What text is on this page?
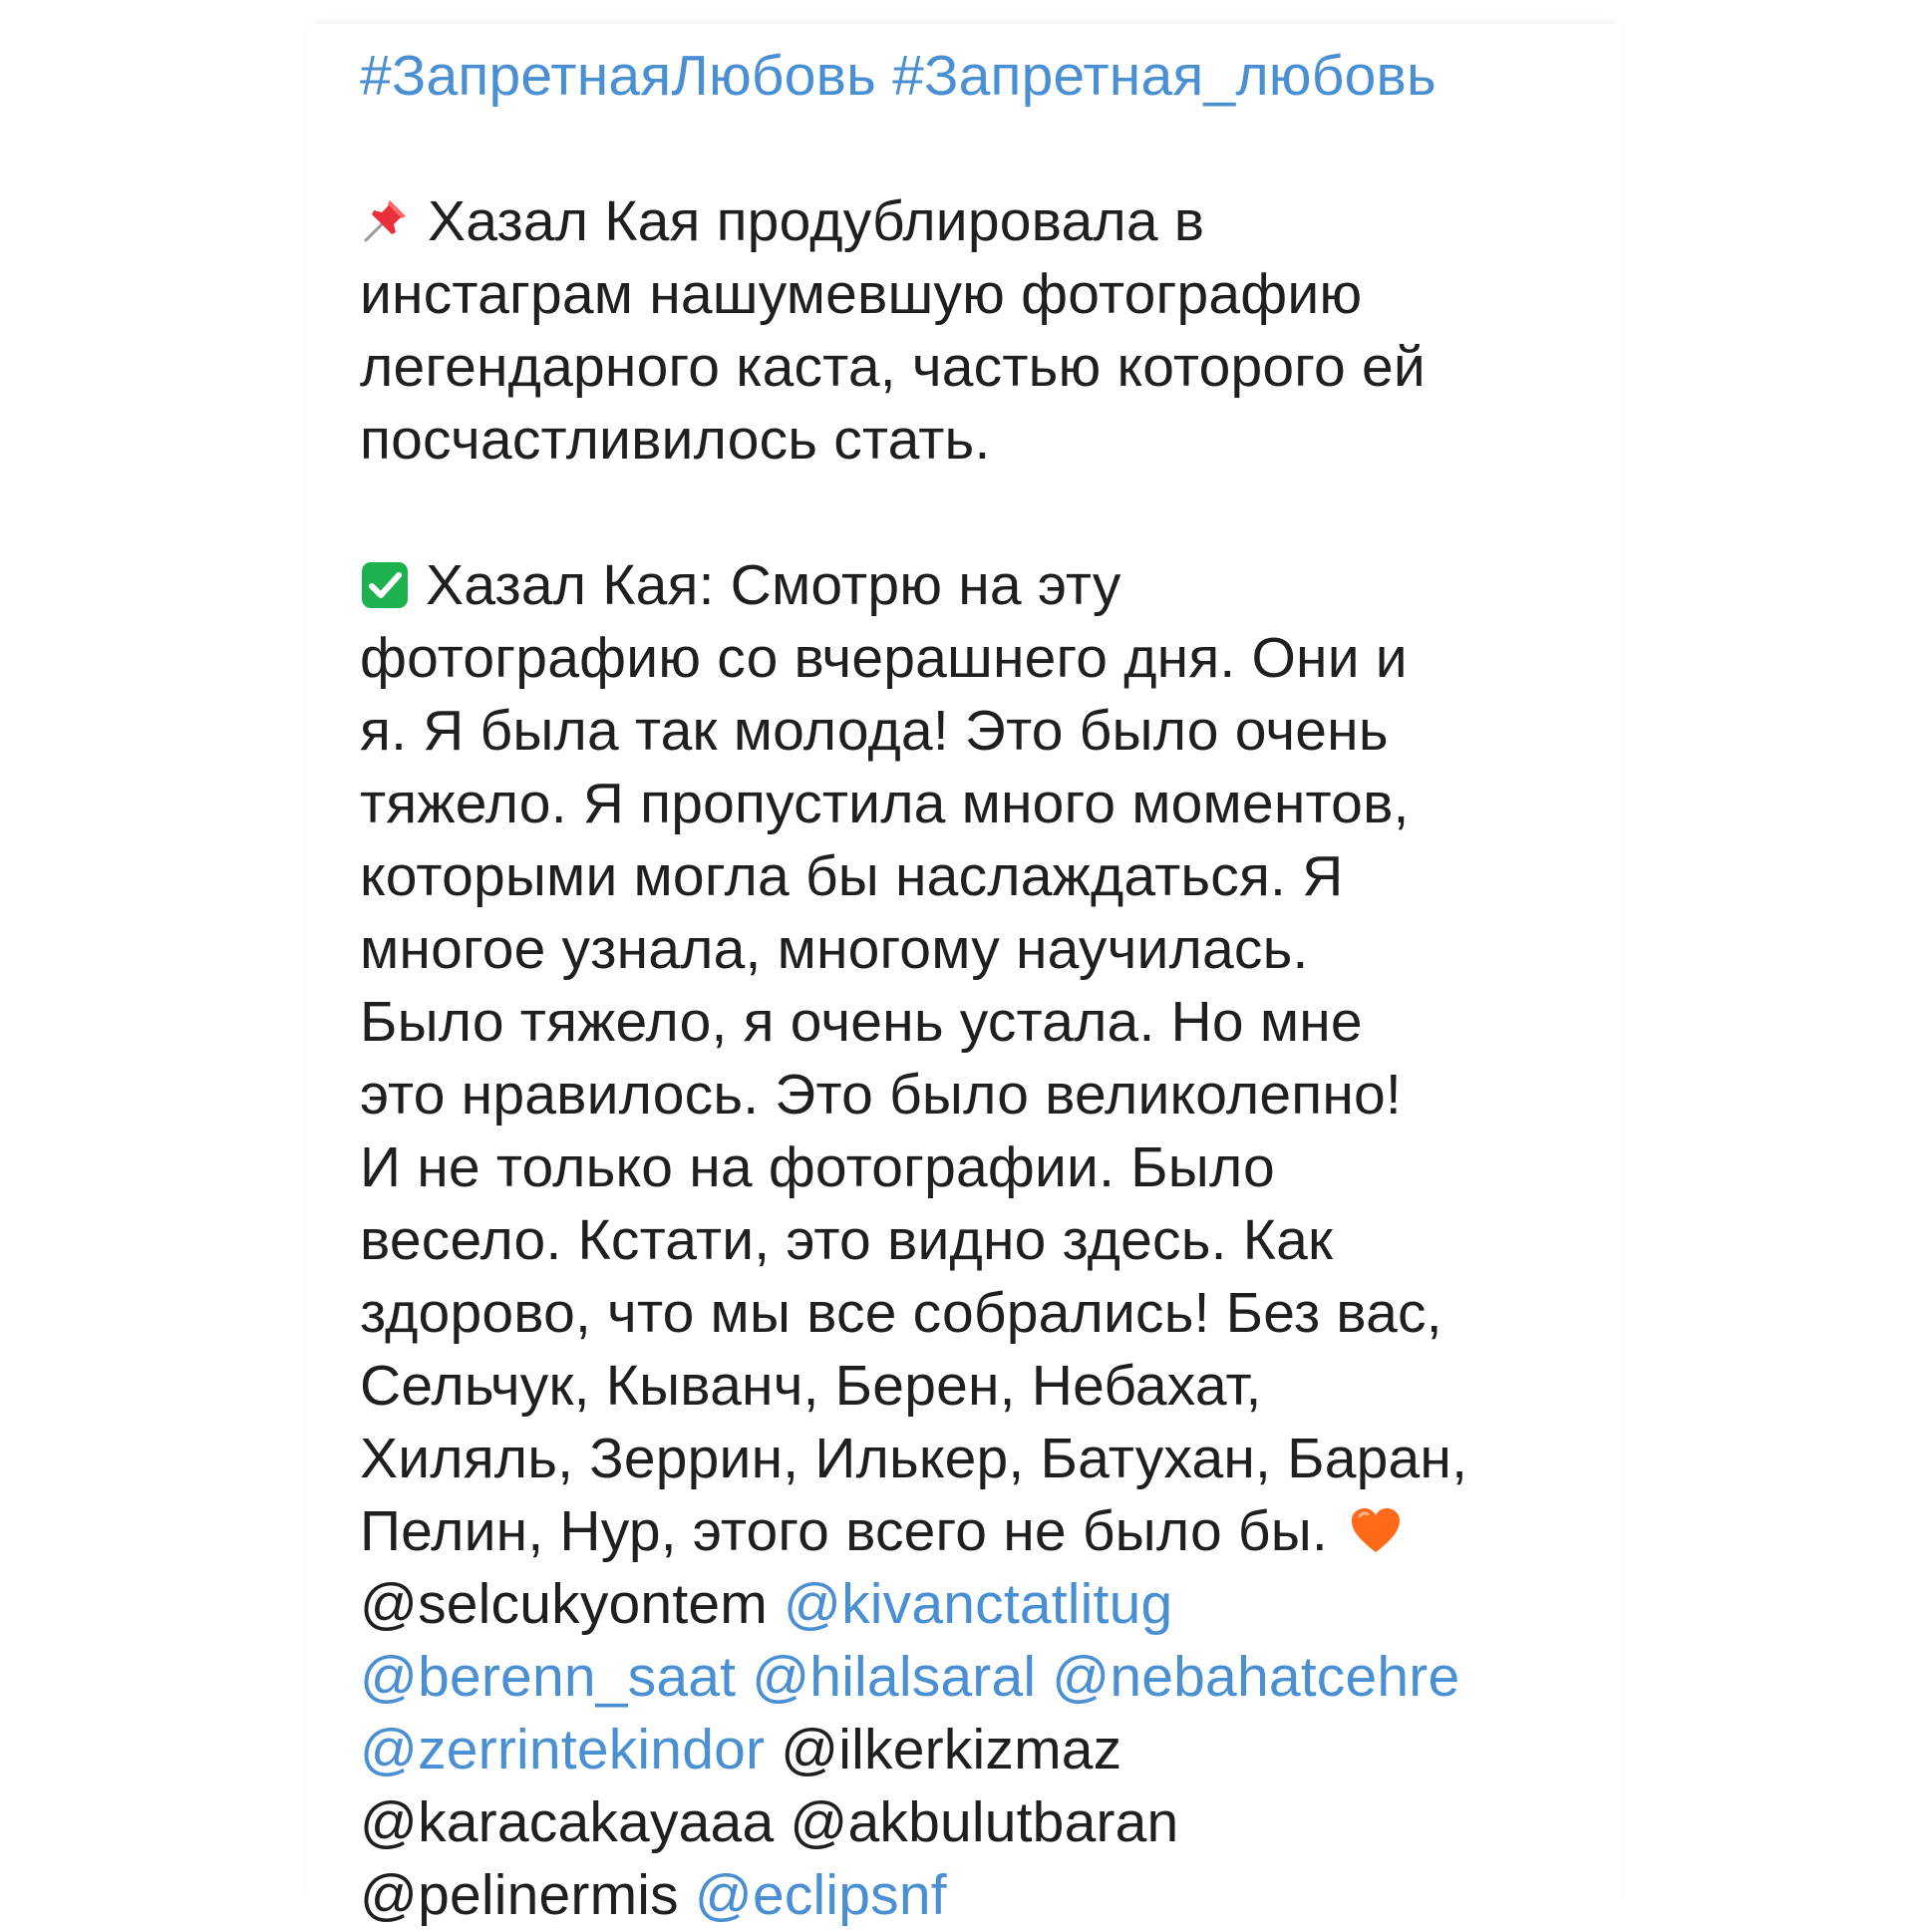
#ЗапретнаяЛюбовь #Запретная_любовь
Хазал Кая продублировала в
инстаграм нашумевшую фотографию
легендарного каста, частью которого ей
посчастливилось стать.
Хазал Кая: Смотрю на эту
фотографию со вчерашнего дня. Они и
я. Я была так молода! Это было очень
тяжело. Я пропустила много моментов,
которыми могла бы наслаждаться. Я
многое узнала, многому научилась.
Было тяжело, я очень устала. Но мне
это нравилось. Это было великолепно!
И не только на фотографии. Было
весело. Кстати, это видно здесь. Как
здорово, что мы все собрались! Без вас,
Сельчук, Кыванч, Берен, Небахат,
Хиляль, Зеррин, Илькер, Батухан, Баран,
Пелин, Нур, этого всего не было бы.
@selcukyontem @kivanctatlitug
@berenn_saat @hilalsaral @nebahatcehre
@zerrintekindor @ilkerkizmaz
@karacakayaaa @akbulutbaran
@pelinermis @eclipsnf
